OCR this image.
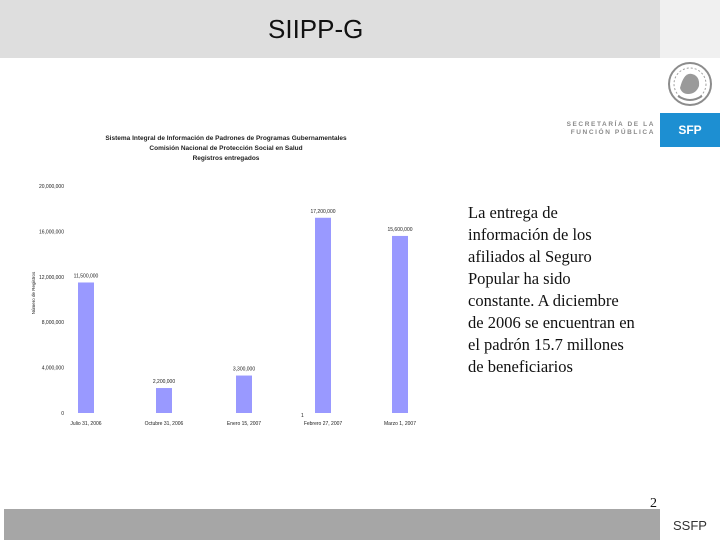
SIIPP-G
SECRETARÍA DE LA
FUNCIÓN PÚBLICA	SFP
Sistema Integral de Información de Padrones de Programas Gubernamentales
Comisión Nacional de Protección Social en Salud
Registros entregados
Número de Registros
20,000,000
16,000,000
12,000,000
8,000,000
4,000,000
0
11,500,000
2,200,000
3,300,000
17,200,000
15,600,000
Julio 31, 2006	Octubre 31, 2006	Enero 15, 2007	Febrero 27, 2007	Marzo 1, 2007
1
La entrega de información de los afiliados al Seguro Popular ha sido constante. A diciembre de 2006 se encuentran en el padrón 15.7 millones de beneficiarios
2
SSFP
